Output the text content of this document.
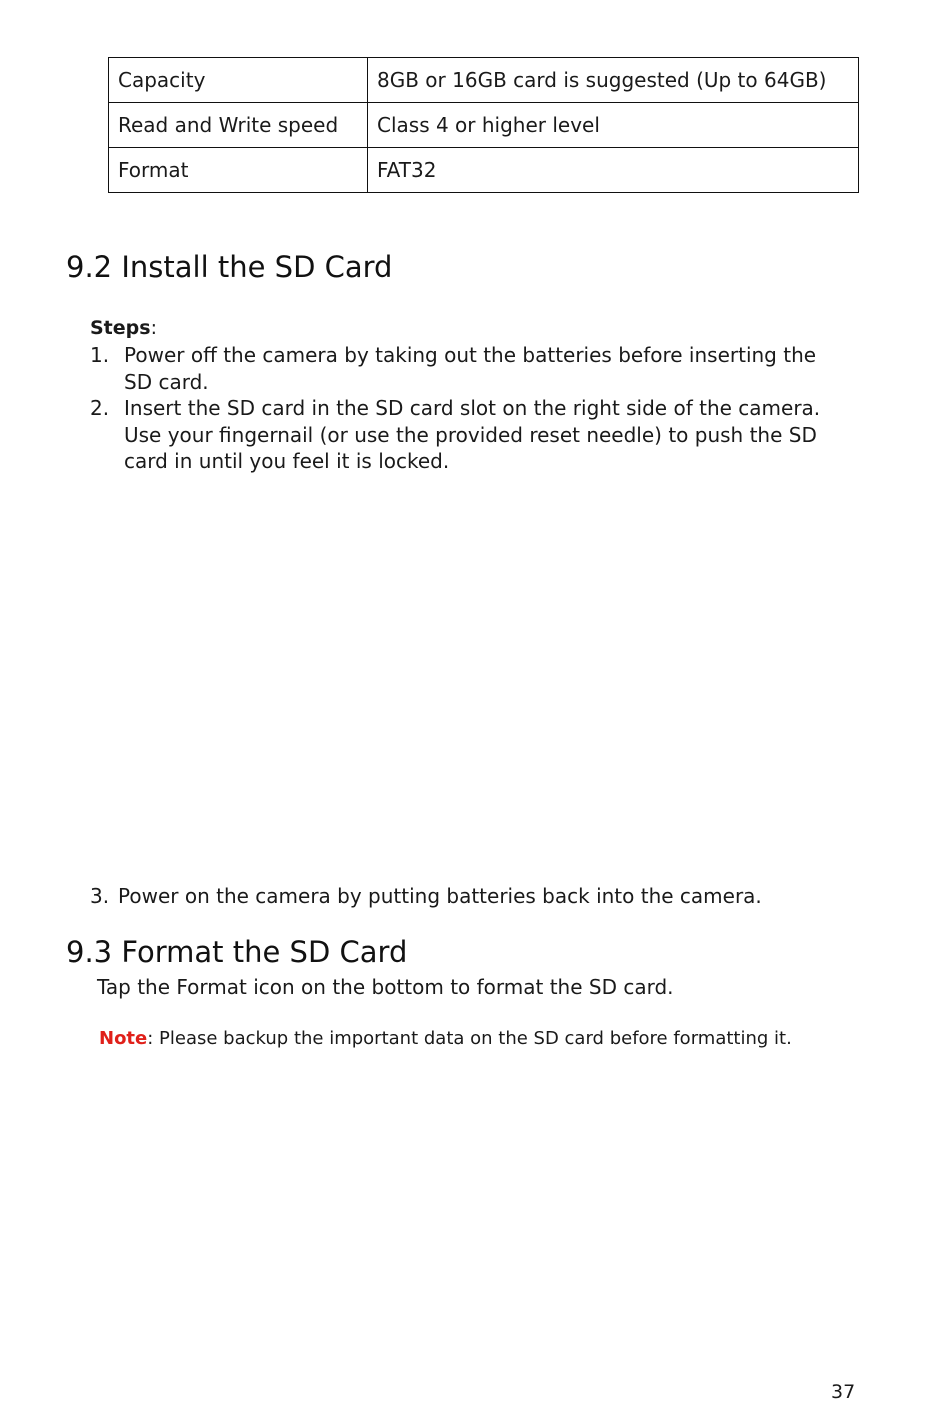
Capacity	8GB or 16GB card is suggested (Up to 64GB)
Read and Write speed	Class 4 or higher level
Format	FAT32
9.2 Install the SD Card
Steps:
1. Power off the camera by taking out the batteries before inserting the SD card.
2. Insert the SD card in the SD card slot on the right side of the camera. Use your fingernail (or use the provided reset needle) to push the SD card in until you feel it is locked.
3. Power on the camera by putting batteries back into the camera.
9.3 Format the SD Card
Tap the Format icon on the bottom to format the SD card.
Note: Please backup the important data on the SD card before formatting it.
37
